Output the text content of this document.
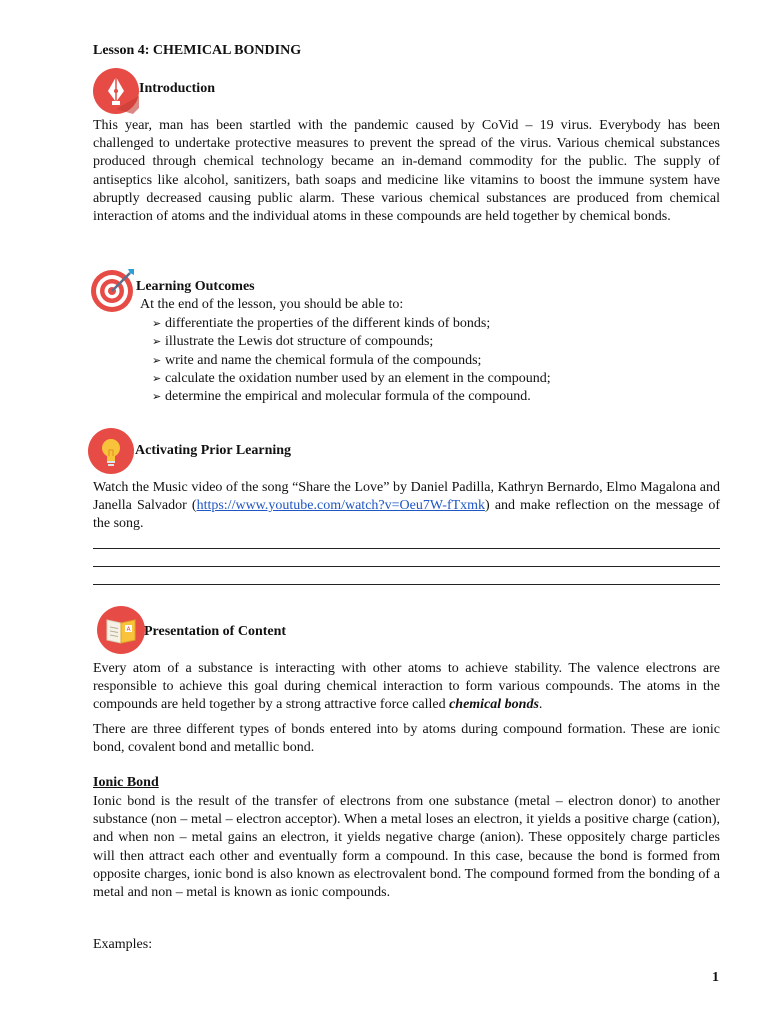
Lesson 4: CHEMICAL BONDING
Introduction

This year, man has been startled with the pandemic caused by CoVid – 19 virus. Everybody has been challenged to undertake protective measures to prevent the spread of the virus. Various chemical substances produced through chemical technology became an in-demand commodity for the public. The supply of antiseptics like alcohol, sanitizers, bath soaps and medicine like vitamins to boost the immune system have abruptly decreased causing public alarm. These various chemical substances are produced from chemical interaction of atoms and the individual atoms in these compounds are held together by chemical bonds.

Learning Outcomes
At the end of the lesson, you should be able to:
➢ differentiate the properties of the different kinds of bonds;
➢ illustrate the Lewis dot structure of compounds;
➢ write and name the chemical formula of the compounds;
➢ calculate the oxidation number used by an element in the compound;
➢ determine the empirical and molecular formula of the compound.
Activating Prior Learning

Watch the Music video of the song “Share the Love” by Daniel Padilla, Kathryn Bernardo, Elmo Magalona and Janella Salvador (https://www.youtube.com/watch?v=Oeu7W-fTxmk) and make reflection on the message of the song.

A Presentation of Content

Every atom of a substance is interacting with other atoms to achieve stability. The valence electrons are responsible to achieve this goal during chemical interaction to form various compounds. The atoms in the compounds are held together by a strong attractive force called chemical bonds.

There are three different types of bonds entered into by atoms during compound formation. These are ionic bond, covalent bond and metallic bond.

Ionic Bond

Ionic bond is the result of the transfer of electrons from one substance (metal – electron donor) to another substance (non – metal – electron acceptor). When a metal loses an electron, it yields a positive charge (cation), and when non – metal gains an electron, it yields negative charge (anion). These oppositely charge particles will then attract each other and eventually form a compound. In this case, because the bond is formed from opposite charges, ionic bond is also known as electrovalent bond. The compound formed from the bonding of a metal and non – metal is known as ionic compounds.

Examples:
1
